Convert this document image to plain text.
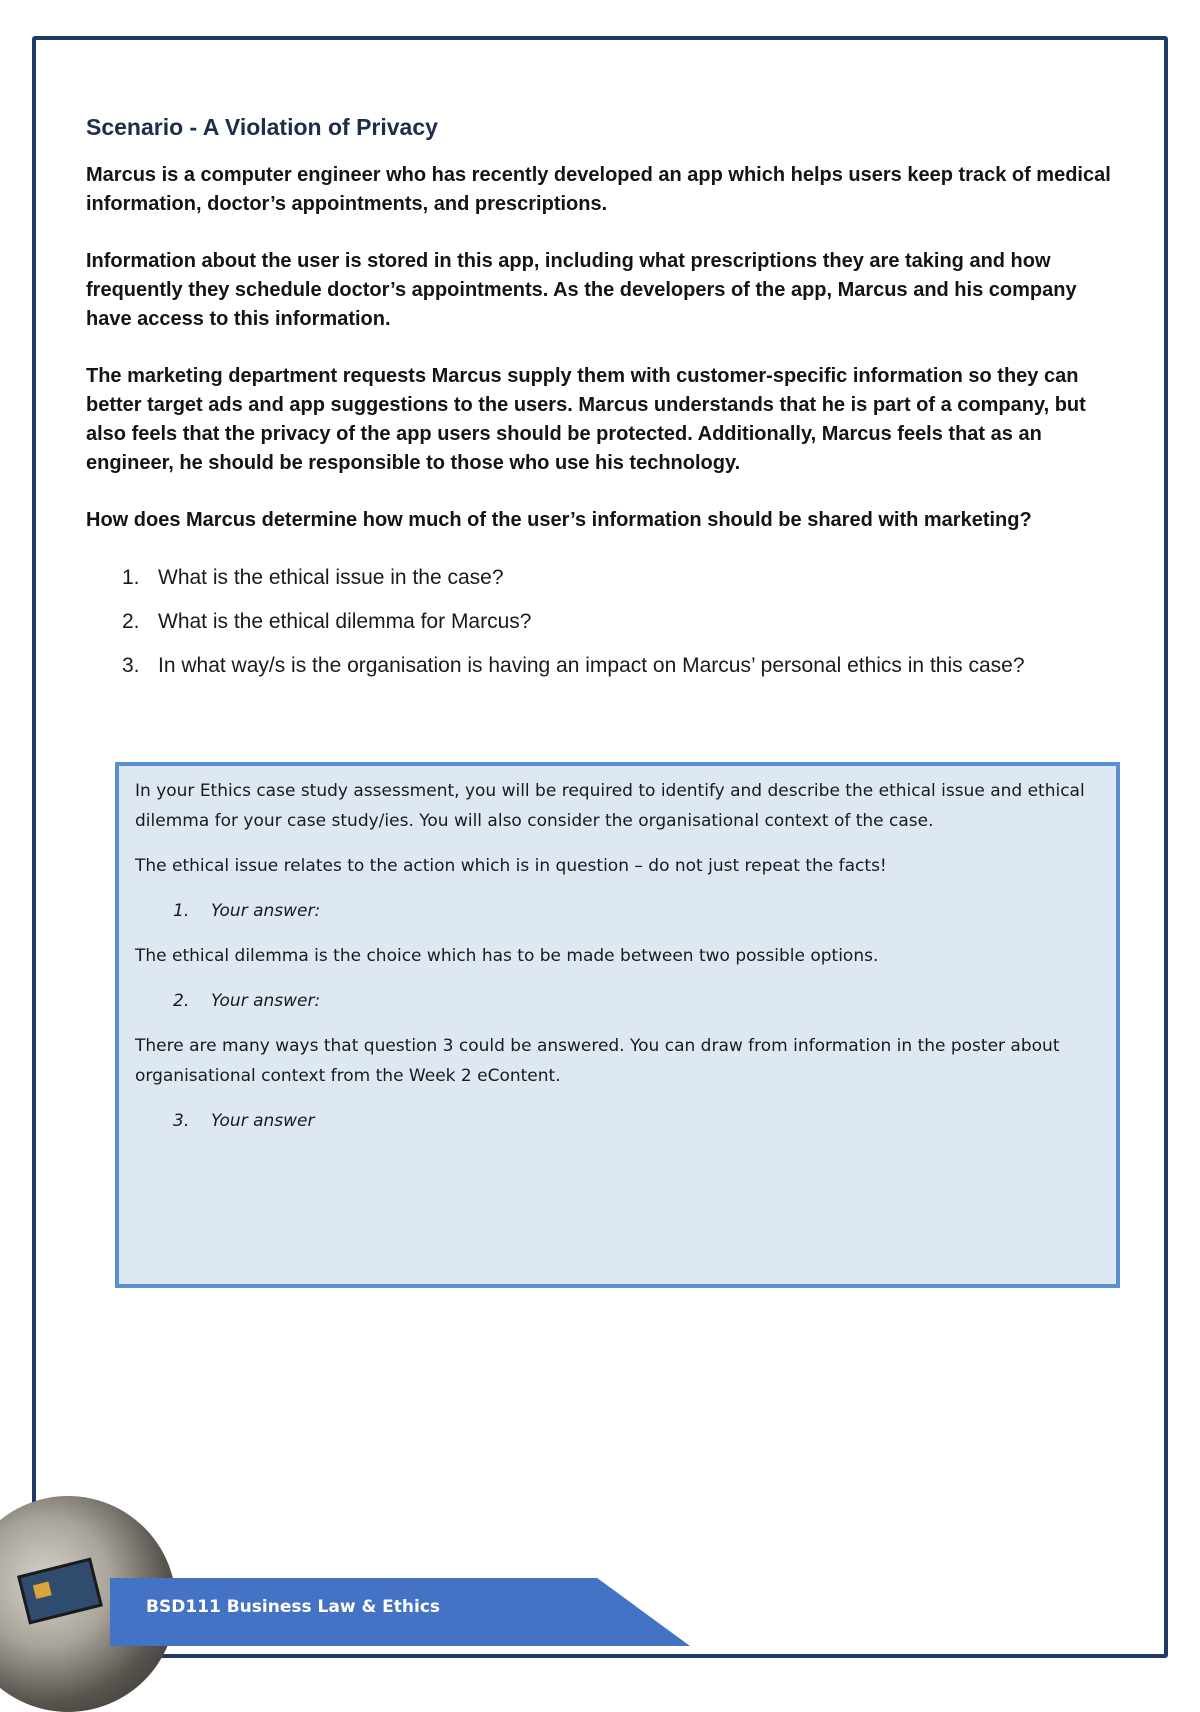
Scenario - A Violation of Privacy

Marcus is a computer engineer who has recently developed an app which helps users keep track of medical information, doctor’s appointments, and prescriptions.

Information about the user is stored in this app, including what prescriptions they are taking and how frequently they schedule doctor’s appointments. As the developers of the app, Marcus and his company have access to this information.

The marketing department requests Marcus supply them with customer-specific information so they can better target ads and app suggestions to the users. Marcus understands that he is part of a company, but also feels that the privacy of the app users should be protected. Additionally, Marcus feels that as an engineer, he should be responsible to those who use his technology.

How does Marcus determine how much of the user’s information should be shared with marketing?

1. What is the ethical issue in the case?
2. What is the ethical dilemma for Marcus?
3. In what way/s is the organisation is having an impact on Marcus’ personal ethics in this case?

In your Ethics case study assessment, you will be required to identify and describe the ethical issue and ethical dilemma for your case study/ies. You will also consider the organisational context of the case.

The ethical issue relates to the action which is in question – do not just repeat the facts!

1.	Your answer:

The ethical dilemma is the choice which has to be made between two possible options.

2.	Your answer:

There are many ways that question 3 could be answered. You can draw from information in the poster about organisational context from the Week 2 eContent.

3.	Your answer
BSD111 Business Law & Ethics
